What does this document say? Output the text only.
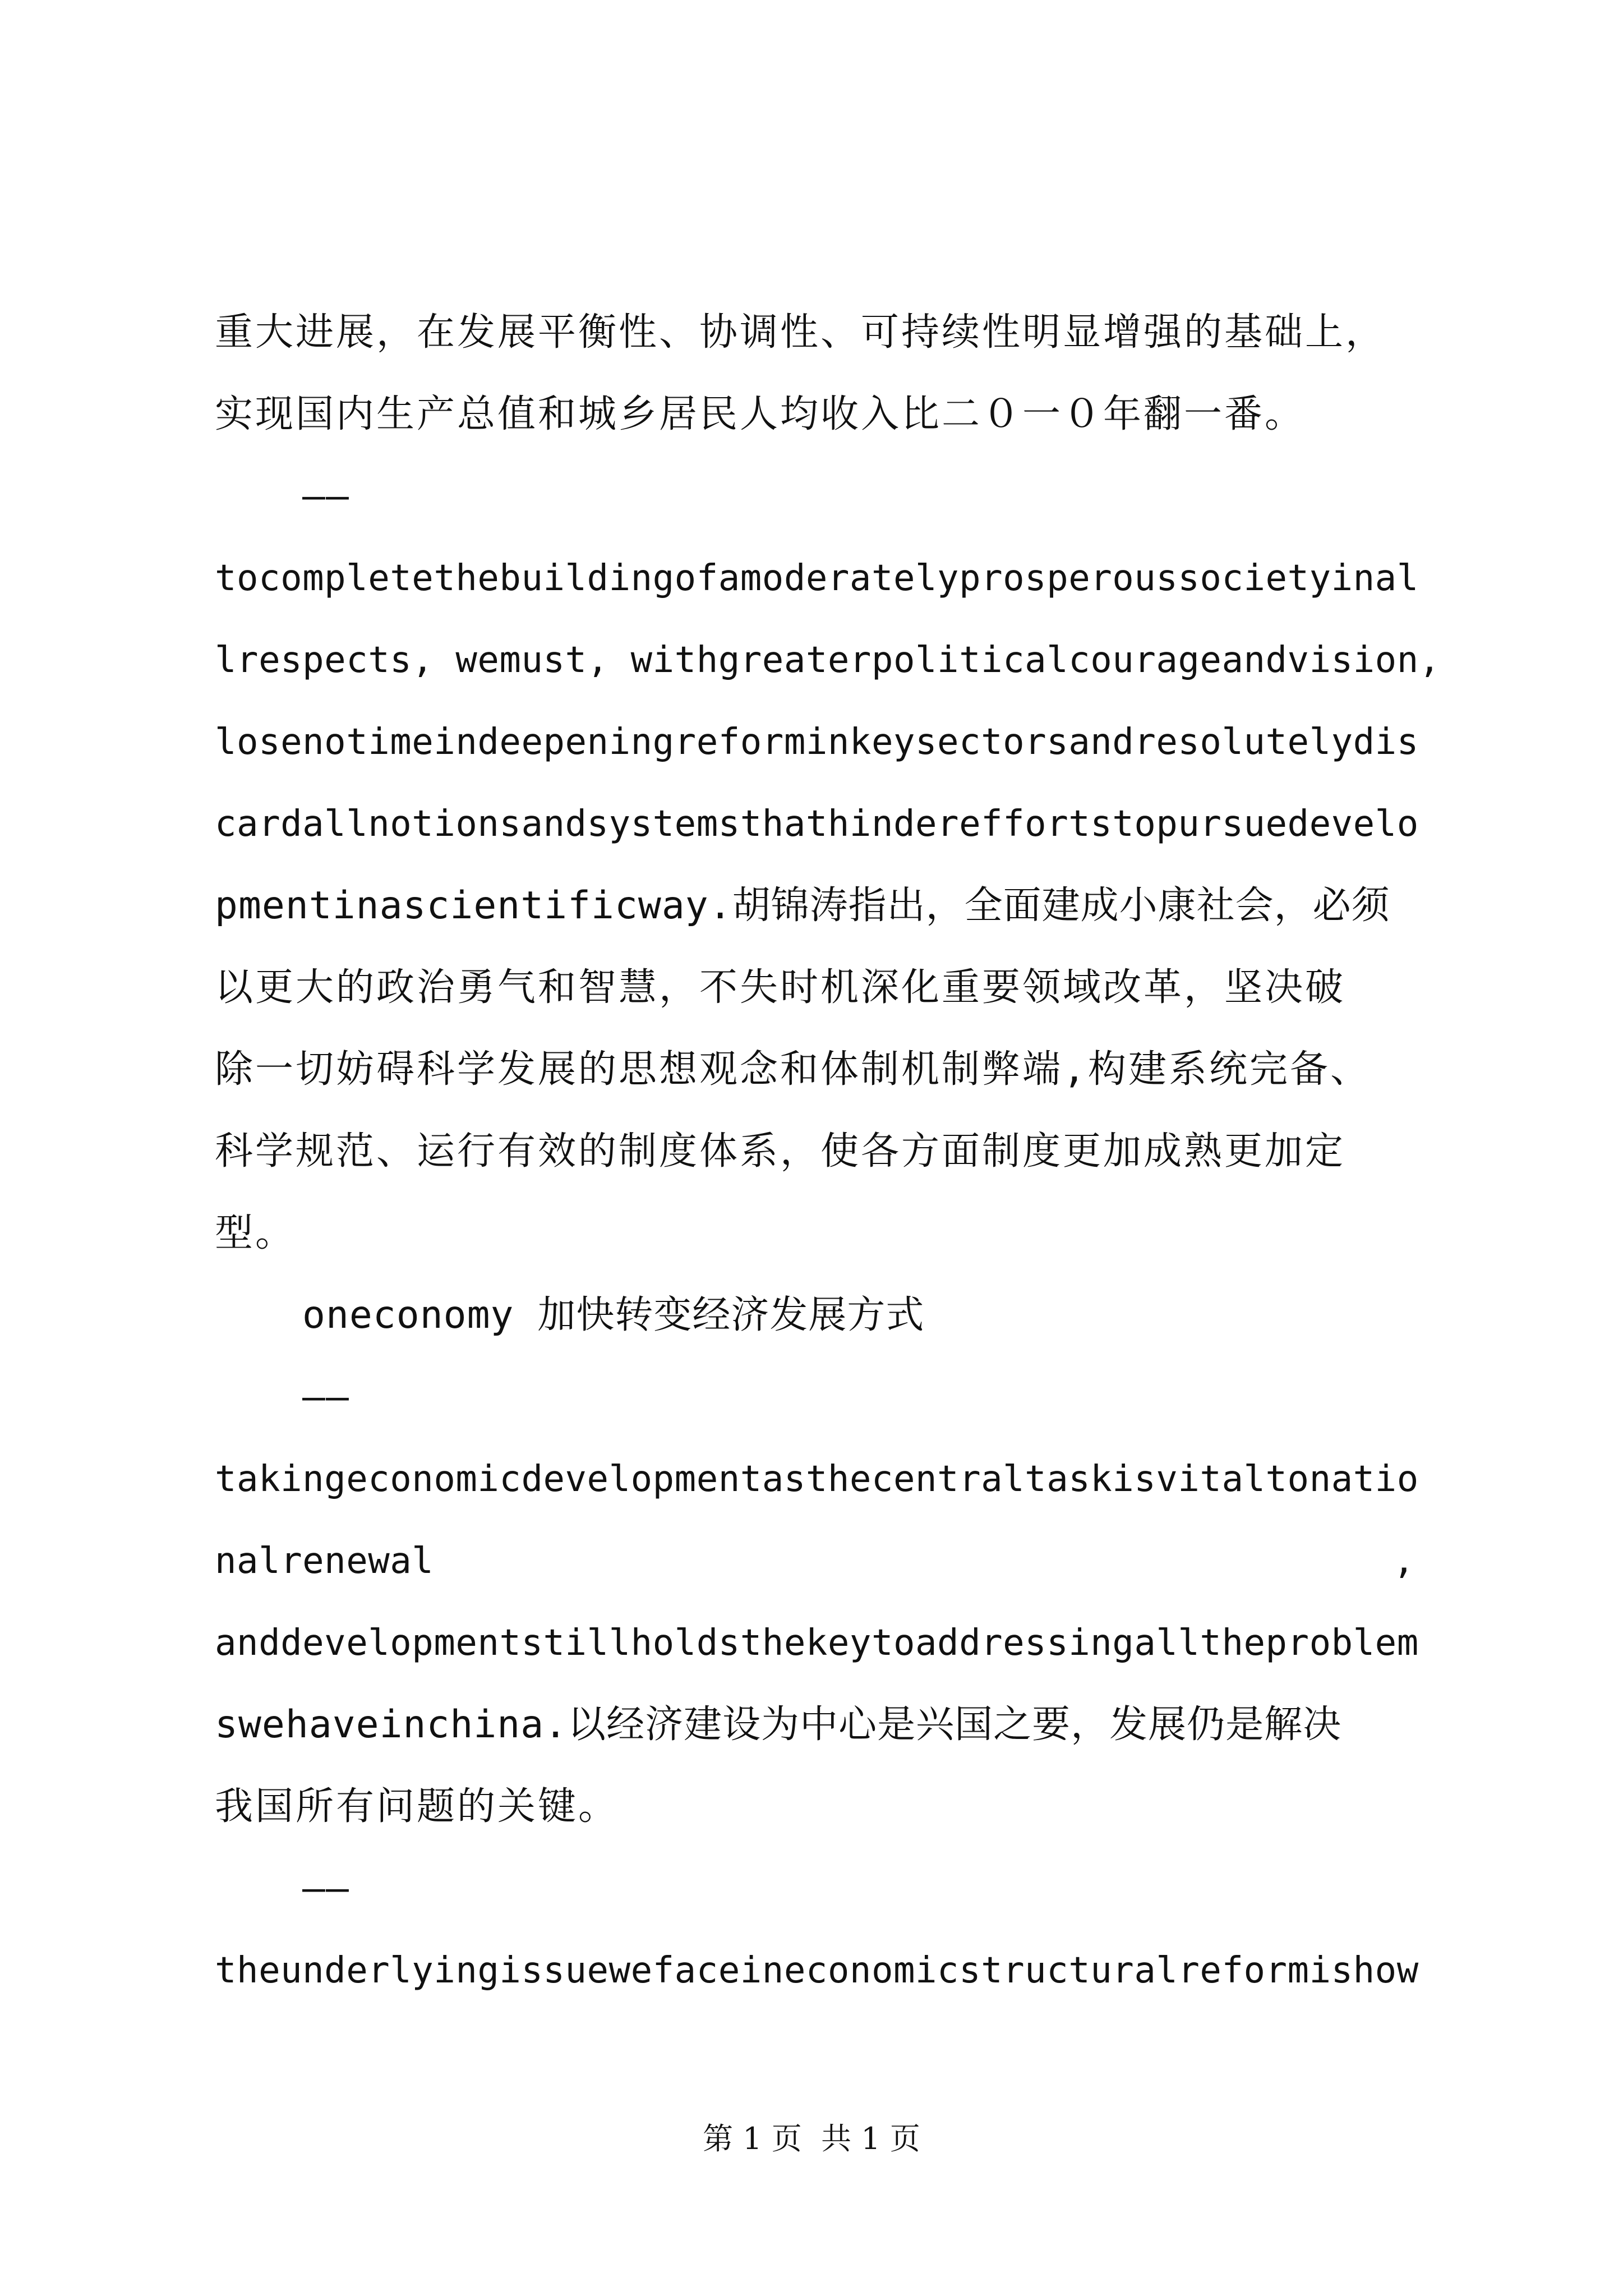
重大进展，在发展平衡性、协调性、可持续性明显增强的基础上，
实现国内生产总值和城乡居民人均收入比二０一０年翻一番。
——
tocompletethebuildingofamoderatelyprosperoussocietyinal
lrespects, wemust, withgreaterpoliticalcourageandvision,
losenotimeindeepeningreforminkeysectorsandresolutelydis
cardallnotionsandsystemsthathindereffortstopursuedevelo
pmentinascientificway.胡锦涛指出，全面建成小康社会，必须
以更大的政治勇气和智慧，不失时机深化重要领域改革，坚决破
除一切妨碍科学发展的思想观念和体制机制弊端,构建系统完备、
科学规范、运行有效的制度体系，使各方面制度更加成熟更加定
型。
oneconomy 加快转变经济发展方式
——
takingeconomicdevelopmentasthecentraltaskisvitaltonatio
nalrenewal	,
anddevelopmentstillholdsthekeytoaddressingalltheproblem
swehaveinchina.以经济建设为中心是兴国之要，发展仍是解决
我国所有问题的关键。
——
theunderlyingissuewefaceineconomicstructuralreformishow
第 1 页  共 1 页
